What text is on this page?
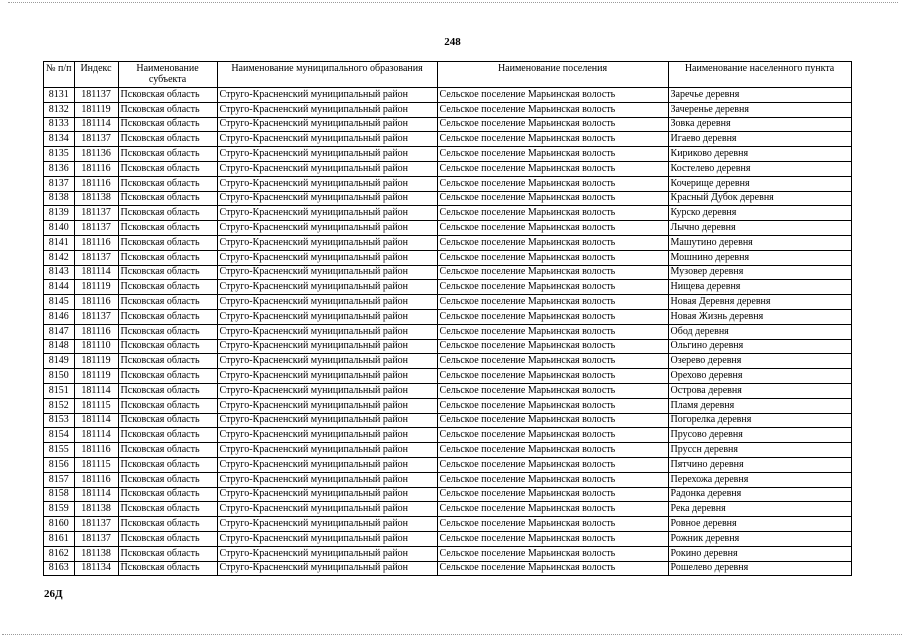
248
№ п/п	Индекс	Наименование субъекта	Наименование муниципального образования	Наименование поселения	Наименование населенного пункта
8131	181137	Псковская область	Струго-Красненский муниципальный район	Сельское поселение Марьинская волость	Заречье деревня
8132	181119	Псковская область	Струго-Красненский муниципальный район	Сельское поселение Марьинская волость	Зачеренье деревня
8133	181114	Псковская область	Струго-Красненский муниципальный район	Сельское поселение Марьинская волость	Зовка деревня
8134	181137	Псковская область	Струго-Красненский муниципальный район	Сельское поселение Марьинская волость	Игаево деревня
8135	181136	Псковская область	Струго-Красненский муниципальный район	Сельское поселение Марьинская волость	Кириково деревня
8136	181116	Псковская область	Струго-Красненский муниципальный район	Сельское поселение Марьинская волость	Костелево деревня
8137	181116	Псковская область	Струго-Красненский муниципальный район	Сельское поселение Марьинская волость	Кочерище деревня
8138	181138	Псковская область	Струго-Красненский муниципальный район	Сельское поселение Марьинская волость	Красный Дубок деревня
8139	181137	Псковская область	Струго-Красненский муниципальный район	Сельское поселение Марьинская волость	Курско деревня
8140	181137	Псковская область	Струго-Красненский муниципальный район	Сельское поселение Марьинская волость	Лычно деревня
8141	181116	Псковская область	Струго-Красненский муниципальный район	Сельское поселение Марьинская волость	Машутино деревня
8142	181137	Псковская область	Струго-Красненский муниципальный район	Сельское поселение Марьинская волость	Мошнино деревня
8143	181114	Псковская область	Струго-Красненский муниципальный район	Сельское поселение Марьинская волость	Музовер деревня
8144	181119	Псковская область	Струго-Красненский муниципальный район	Сельское поселение Марьинская волость	Нищева деревня
8145	181116	Псковская область	Струго-Красненский муниципальный район	Сельское поселение Марьинская волость	Новая Деревня деревня
8146	181137	Псковская область	Струго-Красненский муниципальный район	Сельское поселение Марьинская волость	Новая Жизнь деревня
8147	181116	Псковская область	Струго-Красненский муниципальный район	Сельское поселение Марьинская волость	Обод деревня
8148	181110	Псковская область	Струго-Красненский муниципальный район	Сельское поселение Марьинская волость	Ольгино деревня
8149	181119	Псковская область	Струго-Красненский муниципальный район	Сельское поселение Марьинская волость	Озерево деревня
8150	181119	Псковская область	Струго-Красненский муниципальный район	Сельское поселение Марьинская волость	Орехово деревня
8151	181114	Псковская область	Струго-Красненский муниципальный район	Сельское поселение Марьинская волость	Острова деревня
8152	181115	Псковская область	Струго-Красненский муниципальный район	Сельское поселение Марьинская волость	Пламя деревня
8153	181114	Псковская область	Струго-Красненский муниципальный район	Сельское поселение Марьинская волость	Погорелка деревня
8154	181114	Псковская область	Струго-Красненский муниципальный район	Сельское поселение Марьинская волость	Прусово деревня
8155	181116	Псковская область	Струго-Красненский муниципальный район	Сельское поселение Марьинская волость	Пруссн деревня
8156	181115	Псковская область	Струго-Красненский муниципальный район	Сельское поселение Марьинская волость	Пятчино деревня
8157	181116	Псковская область	Струго-Красненский муниципальный район	Сельское поселение Марьинская волость	Перехожа деревня
8158	181114	Псковская область	Струго-Красненский муниципальный район	Сельское поселение Марьинская волость	Радонка деревня
8159	181138	Псковская область	Струго-Красненский муниципальный район	Сельское поселение Марьинская волость	Река деревня
8160	181137	Псковская область	Струго-Красненский муниципальный район	Сельское поселение Марьинская волость	Ровное деревня
8161	181137	Псковская область	Струго-Красненский муниципальный район	Сельское поселение Марьинская волость	Рожник деревня
8162	181138	Псковская область	Струго-Красненский муниципальный район	Сельское поселение Марьинская волость	Рокино деревня
8163	181134	Псковская область	Струго-Красненский муниципальный район	Сельское поселение Марьинская волость	Рошелево деревня
26Д
